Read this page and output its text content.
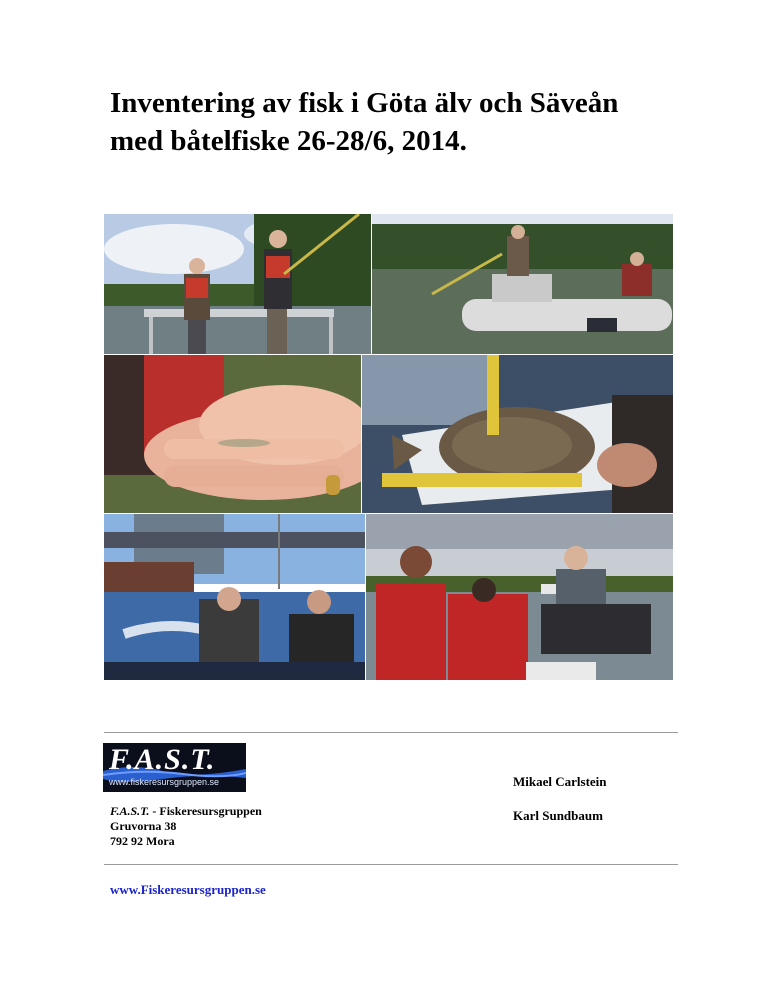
Inventering av fisk i Göta älv och Säveån
med båtelfiske 26-28/6, 2014.
F.A.S.T.
www.fiskeresursgruppen.se	Mikael Carlstein
F.A.S.T. - Fiskeresursgruppen
Gruvorna 38
792 92 Mora
Karl Sundbaum
www.Fiskeresursgruppen.se
